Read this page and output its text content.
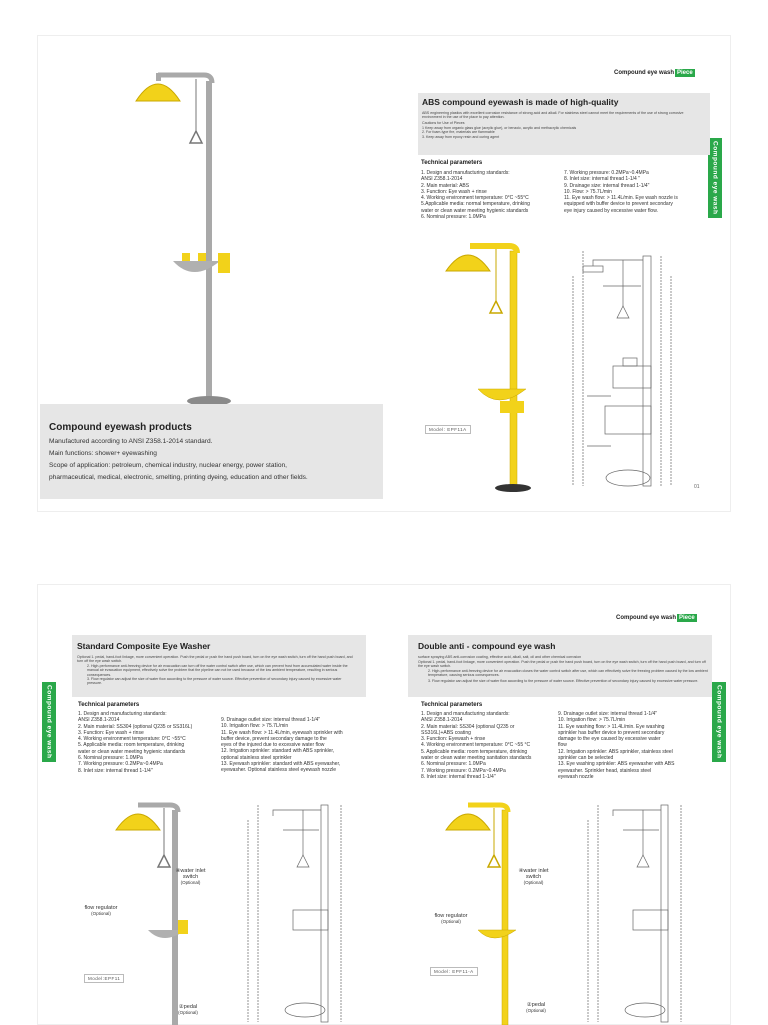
Compound eye wash Piece
Compound eye wash
ABS compound eyewash is made of high-quality
ABS engineering plastics with excellent corrosion resistance of strong acid and alkali. For stainless steel cannot meet the requirements of the use of strong corrosive environment in the use of the place to pay attention.
Cautions for Use of Pieces
1 Keep away from organic glass glue (acrylic glue), or benzoic, acrylic and methacrylic chemicals
2. For foam-type fire, materials are flammable
3. Keep away from epoxy resin and curing agent
Technical parameters
1. Design and manufacturing standards:
ANSI Z358.1-2014
2. Main material: ABS
3. Function: Eye wash + rinse
4. Working environment temperature: 0°C ~55°C
5.Applicable media: normal temperature, drinking
water or clean water meeting hygienic standards
6. Nominal pressure: 1.0MPa
7. Working pressure: 0.2MPa~0.4MPa
8. Inlet size: internal thread 1-1/4 "
9. Drainage size: internal thread 1-1/4"
10. Flow: > 75.7L/min
11. Eye wash flow: > 11.4L/min. Eye wash nozzle is
equipped with buffer device to prevent secondary
eye injury caused by excessive water flow.
Model: EPF11A
01
Compound eyewash products
Manufactured according to ANSI Z358.1-2014 standard.
Main functions: shower+ eyewashing
Scope of application: petroleum, chemical industry, nuclear energy, power station,
pharmaceutical, medical, electronic, smelting, printing dyeing, education and other fields.
Compound eye wash Piece
Compound eye wash	Compound eye wash
Standard Composite Eye Washer
Optional 1. pedal, hand-foot linkage, more convenient operation. Push the pedal or push the hand push board, turn on the eye wash switch, turn off the hand push board, and turn off the eye wash switch.
2. High-performance anti-freezing device for air evacuation can turn off the water control switch after use, which can prevent frost from accumulated water inside the manual air evacuation equipment, effectively solve the problem that the pipeline can not be used because of the low ambient temperature, resulting in serious consequences.
3. Flow regulator can adjust the size of water flow according to the pressure of water source. Effective prevention of secondary injury caused by excessive water pressure.
Technical parameters
1. Design and manufacturing standards:
ANSI Z358.1-2014
2. Main material: SS304 (optional Q235 or SS316L)
3. Function: Eye wash + rinse
4. Working environment temperature: 0°C ~55°C
5. Applicable media: room temperature, drinking
water or clean water meeting hygienic standards
6. Nominal pressure: 1.0MPa
7. Working pressure: 0.2MPa~0.4MPa
8. Inlet size: internal thread 1-1/4"
9. Drainage outlet size: internal thread 1-1/4"
10. Irrigation flow: > 75.7L/min
11. Eye wash flow: > 11.4L/min, eyewash sprinkler with
buffer device, prevent secondary damage to the
eyes of the injured due to excessive water flow
12. Irrigation sprinkler: standard with ABS sprinkler,
optional stainless steel sprinkler
13. Eyewash sprinkler: standard with ABS eyewasher,
eyewasher. Optional stainless steel eyewash nozzle
④water inlet switch
(Optional)
flow regulator
(Optional)
Model:EPF11
②pedal
(Optional)
Double anti - compound eye wash
surface spraying ABS anti-corrosion coating, effective acid, alkali, salt, oil and other chemical corrosion
Optional 1. pedal, hand-foot linkage, more convenient operation. Push the pedal or push the hand push board, turn on the eye wash switch, turn off the hand push board, and turn off the eye wash switch.
2. High-performance anti-freezing device for air evacuation closes the water control switch after use, which can effectively solve the freezing problem caused by the low ambient temperature, causing serious consequences.
3. Flow regulator can adjust the size of water flow according to the pressure of water source. Effective prevention of secondary injury caused by excessive water pressure.
Technical parameters
1. Design and manufacturing standards:
ANSI Z358.1-2014
2. Main material: SS304 (optional Q235 or
SS316L)+ABS coating
3. Function: Eyewash + rinse
4. Working environment temperature: 0°C ~55 °C
5. Applicable media: room temperature, drinking
water or clean water meeting sanitation standards
6. Nominal pressure: 1.0MPa
7. Working pressure: 0.2MPa~0.4MPa
8. Inlet size: internal thread 1-1/4"
9. Drainage outlet size: internal thread 1-1/4"
10. Irrigation flow: > 75.7L/min
11. Eye washing flow: > 11.4L/min. Eye washing
sprinkler has buffer device to prevent secondary
damage to the eye caused by excessive water
flow
12. Irrigation sprinkler: ABS sprinkler, stainless steel
sprinkler can be selected
13. Eye washing sprinkler: ABS eyewasher with ABS
eyewasher. Sprinkler head, stainless steel
eyewash nozzle
④water inlet switch
(Optional)
flow regulator
(Optional)
Model: EPF11-A
②pedal
(Optional)
